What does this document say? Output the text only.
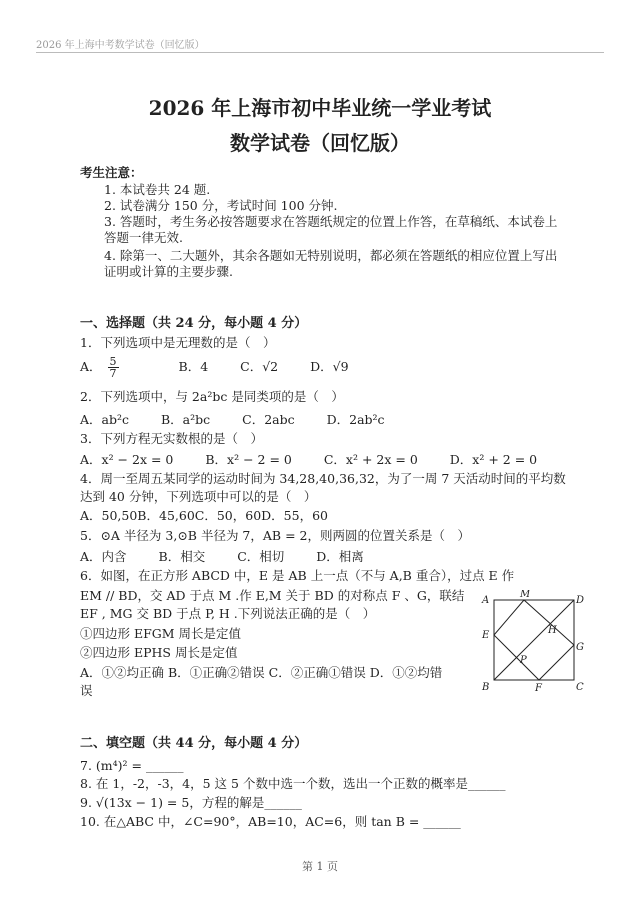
2026 年上海中考数学试卷（回忆版）
2026 年上海市初中毕业统一学业考试
数学试卷（回忆版）
考生注意：
1. 本试卷共 24 题.
2. 试卷满分 150 分，考试时间 100 分钟.
3. 答题时，考生务必按答题要求在答题纸规定的位置上作答，在草稿纸、本试卷上答题一律无效.
4. 除第一、二大题外，其余各题如无特别说明，都必须在答题纸的相应位置上写出证明或计算的主要步骤.
一、选择题（共 24 分，每小题 4 分）
1．下列选项中是无理数的是（　）
A． $\frac{5}{7}$	B．4	C．√2	D．√9
2．下列选项中，与 2a²bc 是同类项的是（　）
A．ab²c	B．a²bc	C．2abc	D．2ab²c
3．下列方程无实数根的是（　）
A．x² − 2x = 0	B．x² − 2 = 0	C．x² + 2x = 0	D．x² + 2 = 0
4．周一至周五某同学的运动时间为 34,28,40,36,32，为了一周 7 天活动时间的平均数
达到 40 分钟，下列选项中可以的是（　）
A．50,50B．45,60C．50，60D．55，60
5．⊙A 半径为 3,⊙B 半径为 7，AB = 2，则两圆的位置关系是（　）
A．内含	B．相交	C．相切	D．相离
6．如图，在正方形 ABCD 中，E 是 AB 上一点（不与 A,B 重合），过点 E 作
EM // BD，交 AD 于点 M .作 E,M 关于 BD 的对称点 F 、G，联结
EF , MG 交 BD 于点 P, H .下列说法正确的是（　）
①四边形 EFGM 周长是定值
②四边形 EPHS 周长是定值
A．①②均正确 B．①正确②错误 C．②正确①错误 D．①②均错
误
A
M
D
E	H
G
P
B	F	C
二、填空题（共 44 分，每小题 4 分）
7. (m⁴)² = ______
8. 在 1，-2，-3，4，5 这 5 个数中选一个数，选出一个正数的概率是______
9. √(13x − 1) = 5，方程的解是______
10. 在△ABC 中，∠C=90°，AB=10，AC=6，则 tan B = ______
第 1 页
